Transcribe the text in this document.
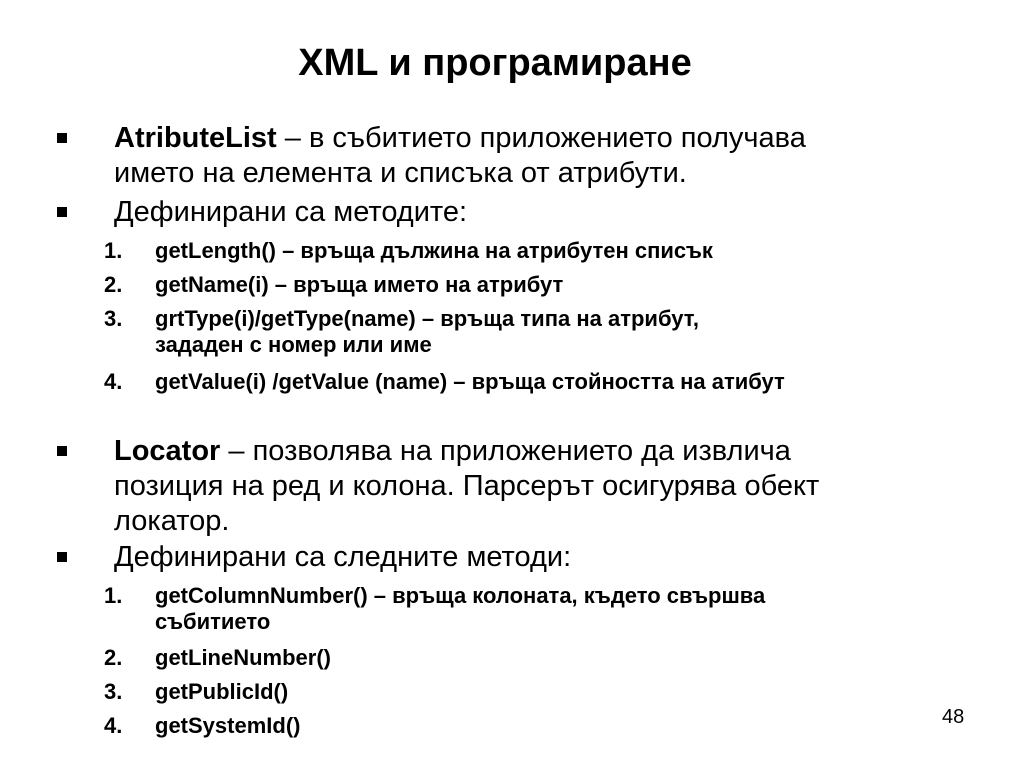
XML и програмиране

AtributeList – в събитието приложението получава
името на елемента и списъка от атрибути.

Дефинирани са методите:

1. getLength() – връща дължина на атрибутен списък

2. getName(i) – връща името на атрибут

3. grtType(i)/getType(name) – връща типа на атрибут,
зададен с номер или име

4. getValue(i) /getValue (name) – връща стойността на атибут

Locator – позволява на приложението да извлича
позиция на ред и колона. Парсерът осигурява обект
локатор.

Дефинирани са следните методи:

1. getColumnNumber() – връща колоната, където свършва
събитието

2. getLineNumber()

3. getPublicId()

4. getSystemId()	48
